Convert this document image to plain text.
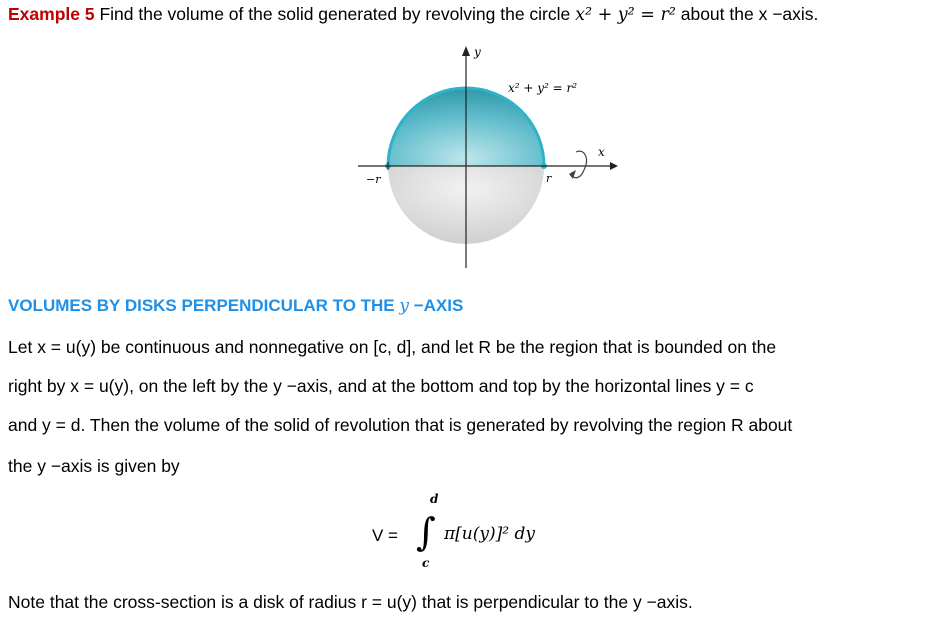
Example 5 Find the volume of the solid generated by revolving the circle x² + y² = r² about the x −axis.
y
x
x² + y² = r²
−r	r
VOLUMES BY DISKS PERPENDICULAR TO THE y −AXIS
Let x = u(y) be continuous and nonnegative on [c, d], and let R be the region that is bounded on the
right by x = u(y), on the left by the y −axis, and at the bottom and top by the horizontal lines y = c
and y = d. Then the volume of the solid of revolution that is generated by revolving the region R about
the y −axis is given by
V =
d
∫
c
π[u(y)]² dy
Note that the cross-section is a disk of radius r = u(y) that is perpendicular to the y −axis.
